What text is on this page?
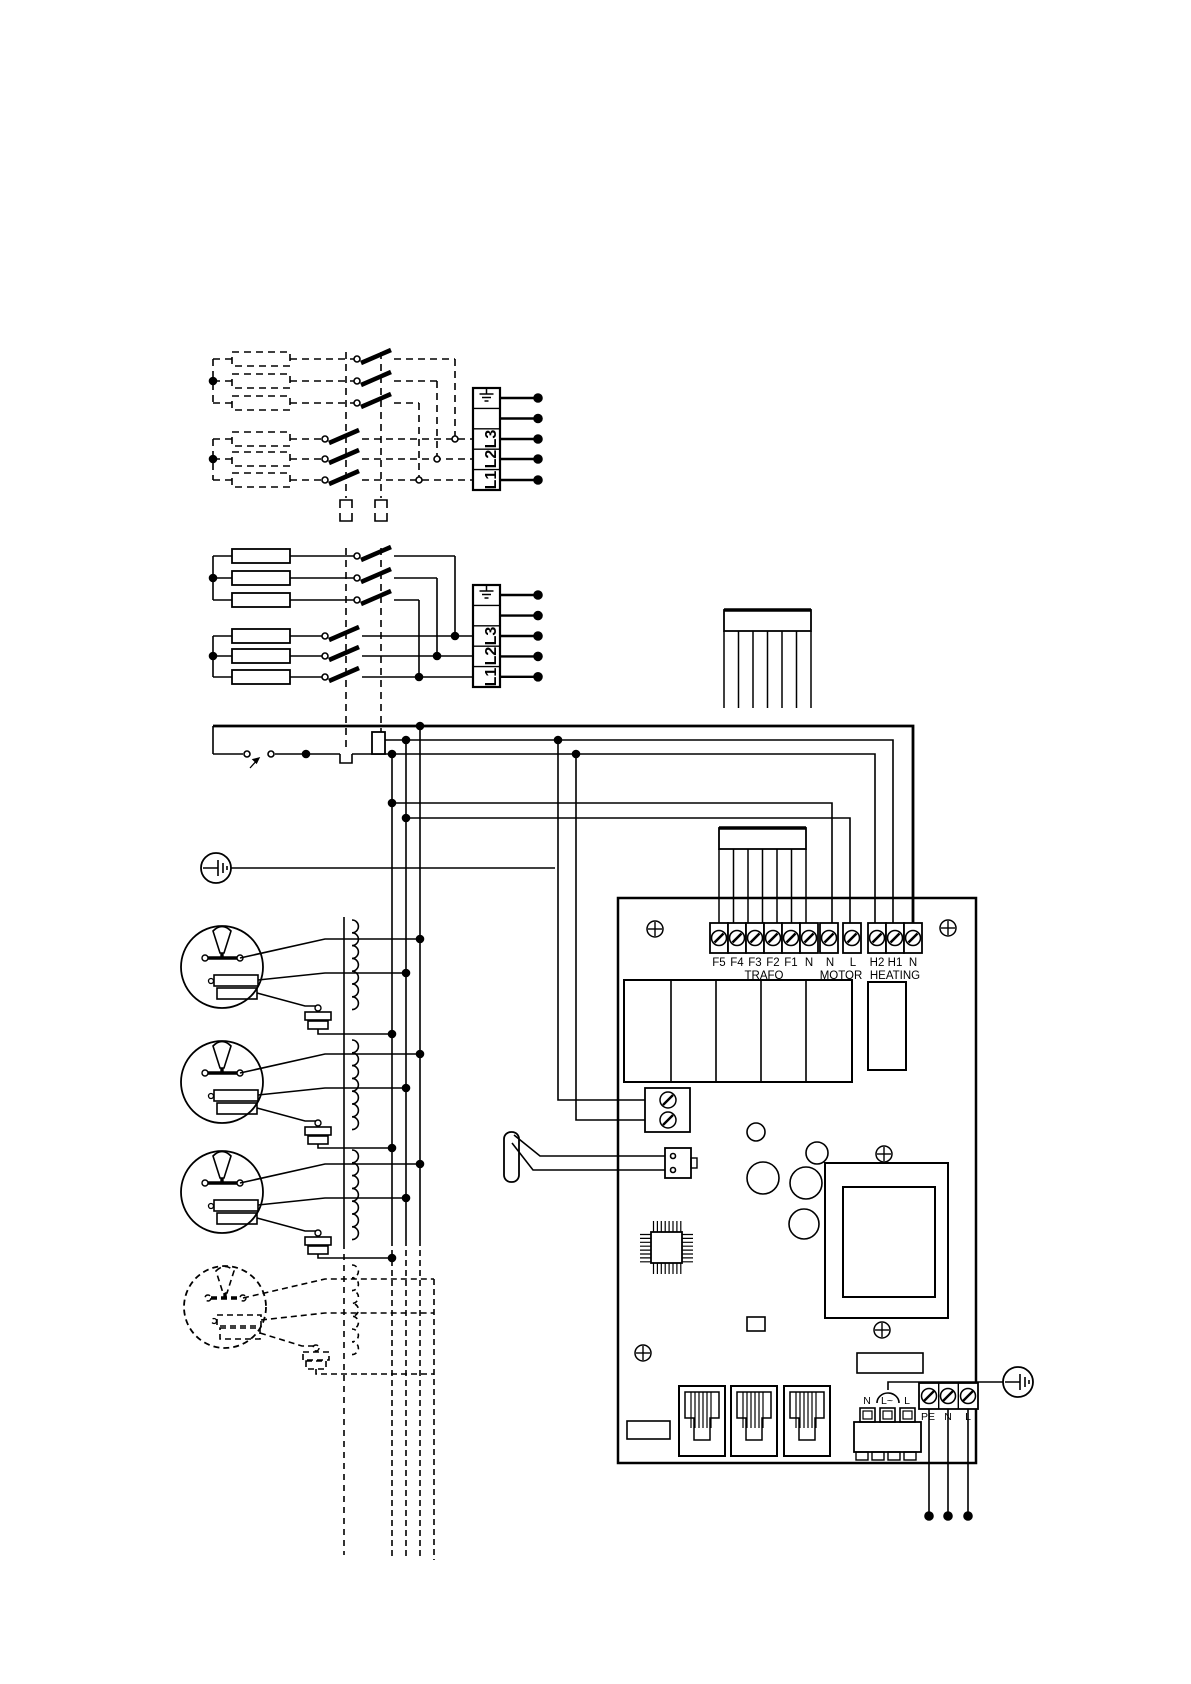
L3
L2
L1
L3
L2
L1
F5 F4 F3 F2 F1 N
TRAFO
N L
MOTOR
H2 H1 N
HEATING
N L~ L
PE N L
